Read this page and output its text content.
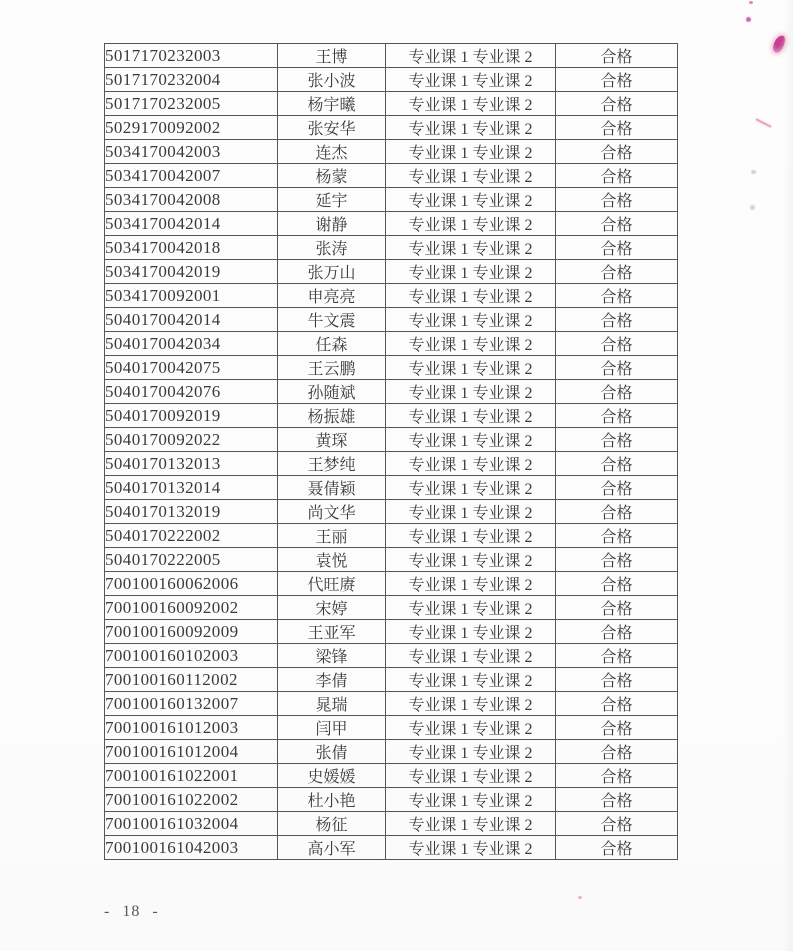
5017170232003	王博	专业课 1 专业课 2	合格
5017170232004	张小波	专业课 1 专业课 2	合格
5017170232005	杨宇曦	专业课 1 专业课 2	合格
5029170092002	张安华	专业课 1 专业课 2	合格
5034170042003	连杰	专业课 1 专业课 2	合格
5034170042007	杨蒙	专业课 1 专业课 2	合格
5034170042008	延宇	专业课 1 专业课 2	合格
5034170042014	谢静	专业课 1 专业课 2	合格
5034170042018	张涛	专业课 1 专业课 2	合格
5034170042019	张万山	专业课 1 专业课 2	合格
5034170092001	申亮亮	专业课 1 专业课 2	合格
5040170042014	牛文震	专业课 1 专业课 2	合格
5040170042034	任森	专业课 1 专业课 2	合格
5040170042075	王云鹏	专业课 1 专业课 2	合格
5040170042076	孙随斌	专业课 1 专业课 2	合格
5040170092019	杨振雄	专业课 1 专业课 2	合格
5040170092022	黄琛	专业课 1 专业课 2	合格
5040170132013	王梦纯	专业课 1 专业课 2	合格
5040170132014	聂倩颖	专业课 1 专业课 2	合格
5040170132019	尚文华	专业课 1 专业课 2	合格
5040170222002	王丽	专业课 1 专业课 2	合格
5040170222005	袁悦	专业课 1 专业课 2	合格
700100160062006	代旺赓	专业课 1 专业课 2	合格
700100160092002	宋婷	专业课 1 专业课 2	合格
700100160092009	王亚军	专业课 1 专业课 2	合格
700100160102003	梁锋	专业课 1 专业课 2	合格
700100160112002	李倩	专业课 1 专业课 2	合格
700100160132007	晁瑞	专业课 1 专业课 2	合格
700100161012003	闫甲	专业课 1 专业课 2	合格
700100161012004	张倩	专业课 1 专业课 2	合格
700100161022001	史媛媛	专业课 1 专业课 2	合格
700100161022002	杜小艳	专业课 1 专业课 2	合格
700100161032004	杨征	专业课 1 专业课 2	合格
700100161042003	高小军	专业课 1 专业课 2	合格
- 18 -
